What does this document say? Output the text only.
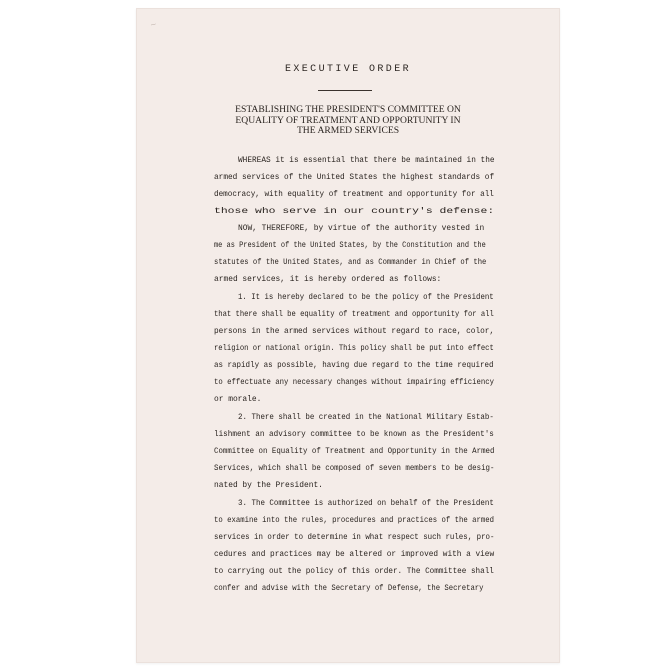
~
EXECUTIVE ORDER
ESTABLISHING THE PRESIDENT'S COMMITTEE ON
EQUALITY OF TREATMENT AND OPPORTUNITY IN
THE ARMED SERVICES
WHEREAS it is essential that there be maintained in the
armed services of the United States the highest standards of
democracy, with equality of treatment and opportunity for all
those who serve in our country's defense:
NOW, THEREFORE, by virtue of the authority vested in
me as President of the United States, by the Constitution and the
statutes of the United States, and as Commander in Chief of the
armed services, it is hereby ordered as follows:
1. It is hereby declared to be the policy of the President
that there shall be equality of treatment and opportunity for all
persons in the armed services without regard to race, color,
religion or national origin. This policy shall be put into effect
as rapidly as possible, having due regard to the time required
to effectuate any necessary changes without impairing efficiency
or morale.
2. There shall be created in the National Military Estab-
lishment an advisory committee to be known as the President's
Committee on Equality of Treatment and Opportunity in the Armed
Services, which shall be composed of seven members to be desig-
nated by the President.
3. The Committee is authorized on behalf of the President
to examine into the rules, procedures and practices of the armed
services in order to determine in what respect such rules, pro-
cedures and practices may be altered or improved with a view
to carrying out the policy of this order. The Committee shall
confer and advise with the Secretary of Defense, the Secretary
